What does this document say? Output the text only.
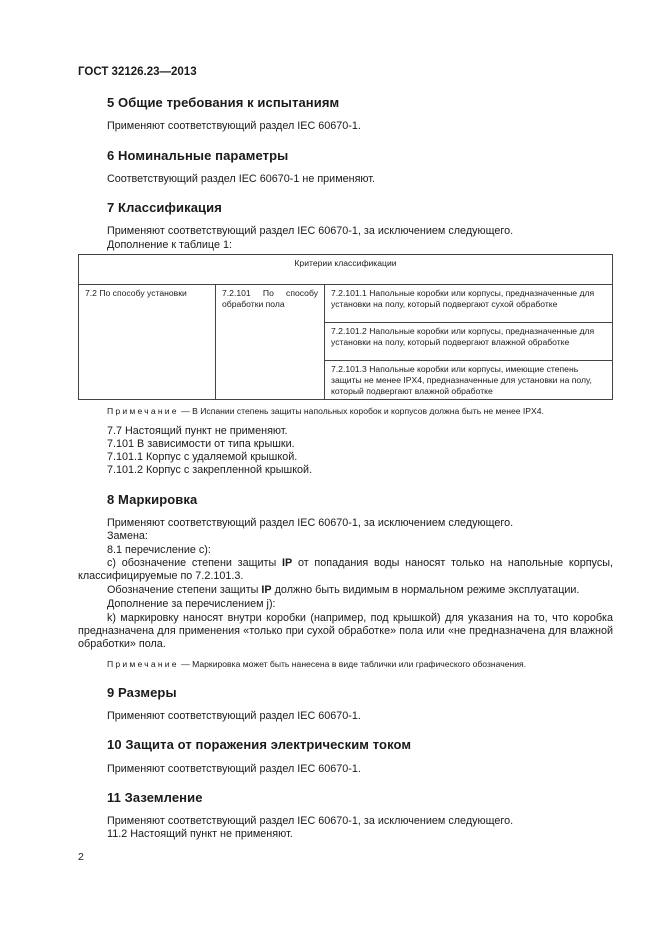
ГОСТ 32126.23—2013
5 Общие требования к испытаниям
Применяют соответствующий раздел IEC 60670-1.
6 Номинальные параметры
Соответствующий раздел IEC 60670-1 не применяют.
7 Классификация
Применяют соответствующий раздел IEC 60670-1, за исключением следующего.
Дополнение к таблице 1:
Критерии классификации
7.2 По способу установки	7.2.101 По способу обработки пола	7.2.101.1 Напольные коробки или корпусы, предназначенные для установки на полу, который подвергают сухой обработке
7.2.101.2 Напольные коробки или корпусы, предназначенные для установки на полу, который подвергают влажной обработке
7.2.101.3 Напольные коробки или корпусы, имеющие степень защиты не менее IPX4, предназначенные для установки на полу, который подвергают влажной обработке
Примечание — В Испании степень защиты напольных коробок и корпусов должна быть не менее IPX4.
7.7 Настоящий пункт не применяют.
7.101 В зависимости от типа крышки.
7.101.1 Корпус с удаляемой крышкой.
7.101.2 Корпус с закрепленной крышкой.
8 Маркировка
Применяют соответствующий раздел IEC 60670-1, за исключением следующего.
Замена:
8.1 перечисление c):
c) обозначение степени защиты IP от попадания воды наносят только на напольные корпусы, классифицируемые по 7.2.101.3.
Обозначение степени защиты IP должно быть видимым в нормальном режиме эксплуатации.
Дополнение за перечислением j):
k) маркировку наносят внутри коробки (например, под крышкой) для указания на то, что коробка предназначена для применения «только при сухой обработке» пола или «не предназначена для влажной обработки» пола.
Примечание — Маркировка может быть нанесена в виде таблички или графического обозначения.
9 Размеры
Применяют соответствующий раздел IEC 60670-1.
10 Защита от поражения электрическим током
Применяют соответствующий раздел IEC 60670-1.
11 Заземление
Применяют соответствующий раздел IEC 60670-1, за исключением следующего.
11.2 Настоящий пункт не применяют.
2
